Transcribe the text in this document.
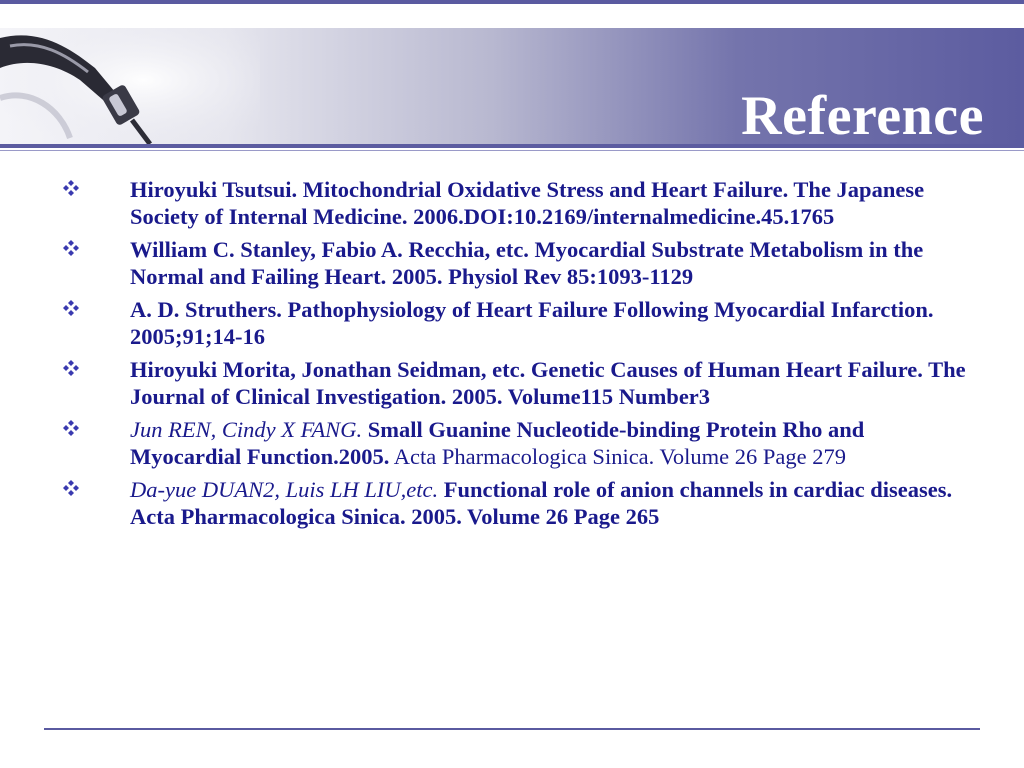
Reference
Hiroyuki Tsutsui. Mitochondrial Oxidative Stress and Heart Failure. The Japanese Society of Internal Medicine. 2006.DOI:10.2169/internalmedicine.45.1765
William C. Stanley, Fabio A. Recchia, etc. Myocardial Substrate Metabolism in the Normal and Failing Heart. 2005. Physiol Rev 85:1093-1129
A. D. Struthers. Pathophysiology of Heart Failure Following Myocardial Infarction. 2005;91;14-16
Hiroyuki Morita, Jonathan Seidman, etc. Genetic Causes of Human Heart Failure. The Journal of Clinical Investigation. 2005. Volume115 Number3
Jun REN, Cindy X FANG. Small Guanine Nucleotide-binding Protein Rho and Myocardial Function.2005. Acta Pharmacologica Sinica. Volume 26 Page 279
Da-yue DUAN2, Luis LH LIU,etc. Functional role of anion channels in cardiac diseases. Acta Pharmacologica Sinica. 2005. Volume 26 Page 265
